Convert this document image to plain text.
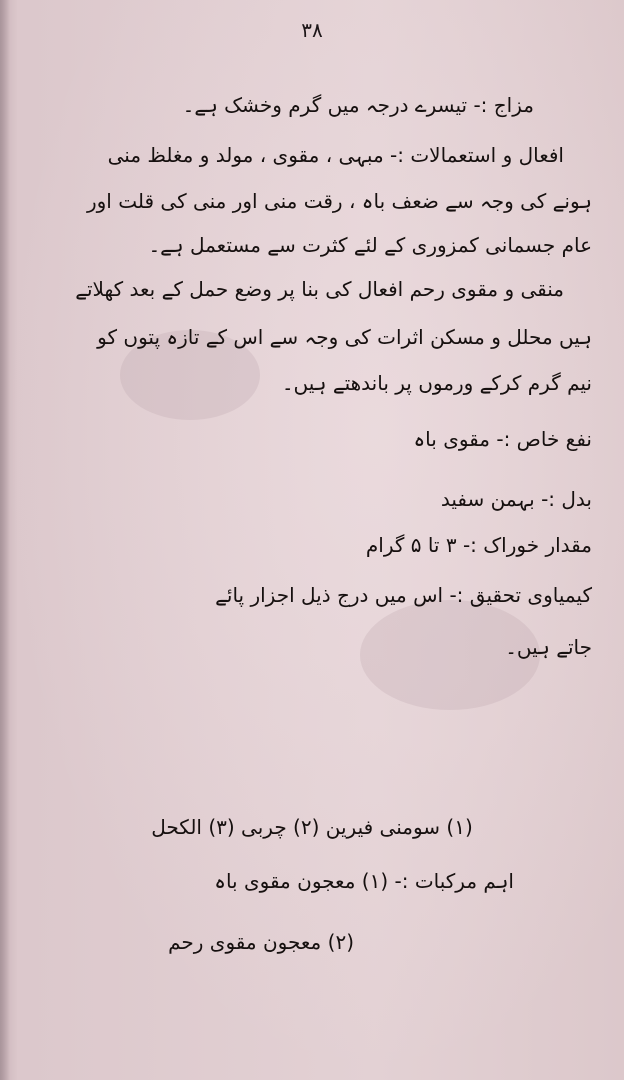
۳۸
مزاج :- تیسرے درجہ میں گرم وخشک ہے۔
افعال و استعمالات :- مبہی ، مقوی ، مولد و مغلظ منی
ہونے کی وجہ سے ضعف باہ ، رقت منی اور منی کی قلت اور
عام جسمانی کمزوری کے لئے کثرت سے مستعمل ہے۔
منقی و مقوی رحم افعال کی بنا پر وضع حمل کے بعد کھلاتے
ہیں محلل و مسکن اثرات کی وجہ سے اس کے تازہ پتوں کو
نیم گرم کرکے ورموں پر باندھتے ہیں۔
نفع خاص :- مقوی باہ
بدل :- بہمن سفید
مقدار خوراک :- ۳ تا ۵ گرام
کیمیاوی تحقیق :- اس میں درج ذیل اجزار پائے
جاتے ہیں۔
(۱) سومنی فیرین (۲) چربی (۳) الکحل
اہم مرکبات :- (۱) معجون مقوی باہ
(۲) معجون مقوی رحم
